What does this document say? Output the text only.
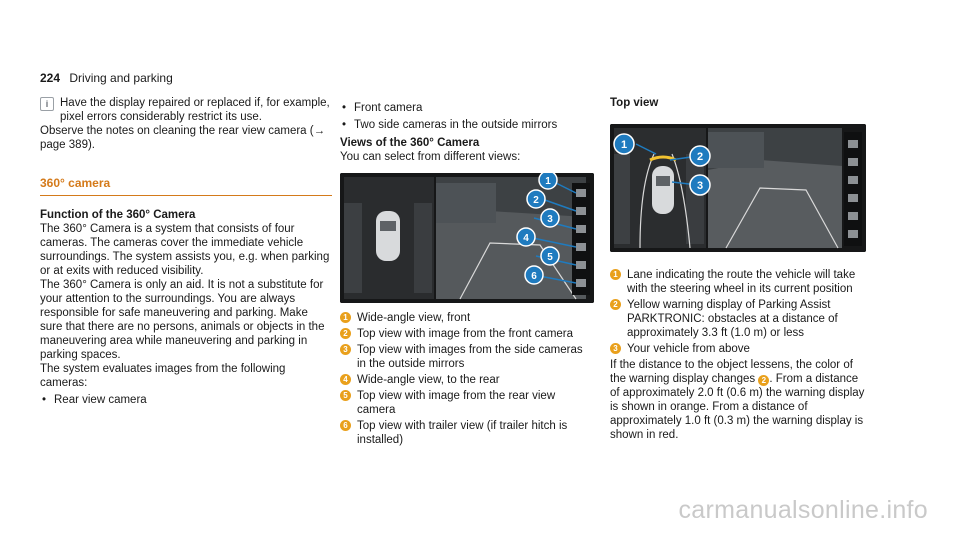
224 Driving and parking
i	Have the display repaired or replaced if, for example, pixel errors considerably restrict its use.

Observe the notes on cleaning the rear view camera (→ page 389).

360° camera
Function of the 360° Camera

The 360° Camera is a system that consists of four cameras. The cameras cover the immediate vehicle surroundings. The system assists you, e.g. when parking or at exits with reduced visibility.

The 360° Camera is only an aid. It is not a substitute for your attention to the surroundings. You are always responsible for safe maneuvering and parking. Make sure that there are no persons, animals or objects in the maneuvering area while maneuvering and parking in parking spaces.

The system evaluates images from the following cameras:

• Rear view camera
• Front camera
• Two side cameras in the outside mirrors
Views of the 360° Camera

You can select from different views:

1
2
3
4
5
6
1 Wide-angle view, front
2 Top view with image from the front camera
3 Top view with images from the side cameras in the outside mirrors
4 Wide-angle view, to the rear
5 Top view with image from the rear view camera
6 Top view with trailer view (if trailer hitch is installed)
Top view
1
2
3
1 Lane indicating the route the vehicle will take with the steering wheel in its current position
2 Yellow warning display of Parking Assist PARKTRONIC: obstacles at a distance of approximately 3.3 ft (1.0 m) or less
3 Your vehicle from above

If the distance to the object lessens, the color of the warning display changes 2 . From a distance of approximately 2.0 ft (0.6 m) the warning display is shown in orange. From a distance of approximately 1.0 ft (0.3 m) the warning display is shown in red.

carmanualsonline.info
